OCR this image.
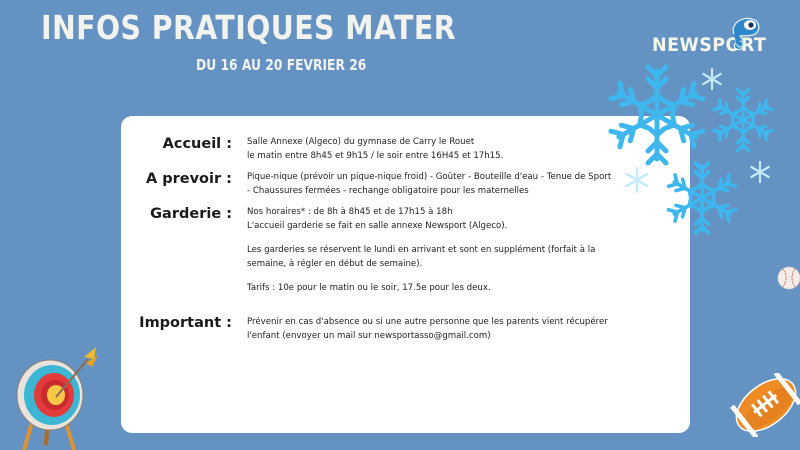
INFOS PRATIQUES MATER
DU 16 AU 20 FEVRIER 26
NEWSPORT
Accueil : Salle Annexe (Algeco) du gymnase de Carry le Rouet

le matin entre 8h45 et 9h15 / le soir entre 16H45 et 17h15.

A prevoir : Pique-nique (prévoir un pique-nique froid) - Goûter - Bouteille d'eau - Tenue de Sport

- Chaussures fermées - rechange obligatoire pour les maternelles

Garderie : Nos horaires* : de 8h à 8h45 et de 17h15 à 18h

L'accueil garderie se fait en salle annexe Newsport (Algeco).

Les garderies se réservent le lundi en arrivant et sont en supplément (forfait à la

semaine, à régler en début de semaine).

Tarifs : 10e pour le matin ou le soir, 17.5e pour les deux.

Important : Prévenir en cas d'absence ou si une autre personne que les parents vient récupérer

l'enfant (envoyer un mail sur newsportasso@gmail.com)
